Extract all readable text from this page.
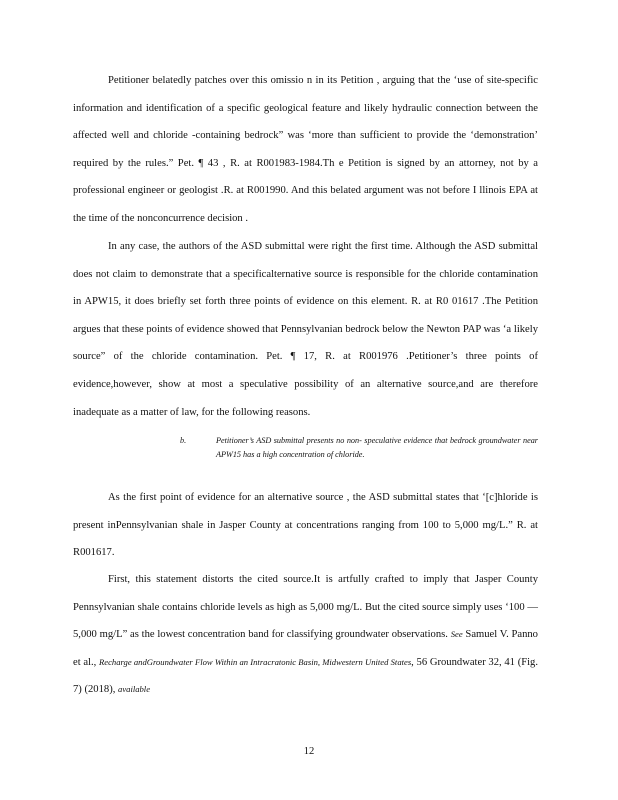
Petitioner belatedly patches over this omissio n in its Petition , arguing that the ‘use of site-specific information and identification of a specific geological feature and likely hydraulic connection between the affected well and chloride -containing bedrock” was ‘more than sufficient to provide the ‘demonstration’ required by the rules.” Pet. ¶ 43 , R. at R001983-1984.Th e Petition is signed by an attorney, not by a professional engineer or geologist .R. at R001990. And this belated argument was not before I llinois EPA at the time of the nonconcurrence decision .

In any case, the authors of the ASD submittal were right the first time. Although the ASD submittal does not claim to demonstrate that a specificalternative source is responsible for the chloride contamination in APW15, it does briefly set forth three points of evidence on this element. R. at R0 01617 .The Petition argues that these points of evidence showed that Pennsylvanian bedrock below the Newton PAP was ‘a likely source” of the chloride contamination. Pet. ¶ 17, R. at R001976 .Petitioner’s three points of evidence,however, show at most a speculative possibility of an alternative source,and are therefore inadequate as a matter of law, for the following reasons.

b.	Petitioner’s ASD submittal presents no non- speculative evidence that bedrock groundwater near APW15 has a high concentration of chloride.

As the first point of evidence for an alternative source , the ASD submittal states that ‘[c]hloride is present inPennsylvanian shale in Jasper County at concentrations ranging from 100 to 5,000 mg/L.” R. at R001617.

First, this statement distorts the cited source.It is artfully crafted to imply that Jasper County Pennsylvanian shale contains chloride levels as high as 5,000 mg/L. But the cited source simply uses ‘100 — 5,000 mg/L” as the lowest concentration band for classifying groundwater observations. See Samuel V. Panno et al., Recharge andGroundwater Flow Within an Intracratonic Basin, Midwestern United States, 56 Groundwater 32, 41 (Fig. 7) (2018), available

12
